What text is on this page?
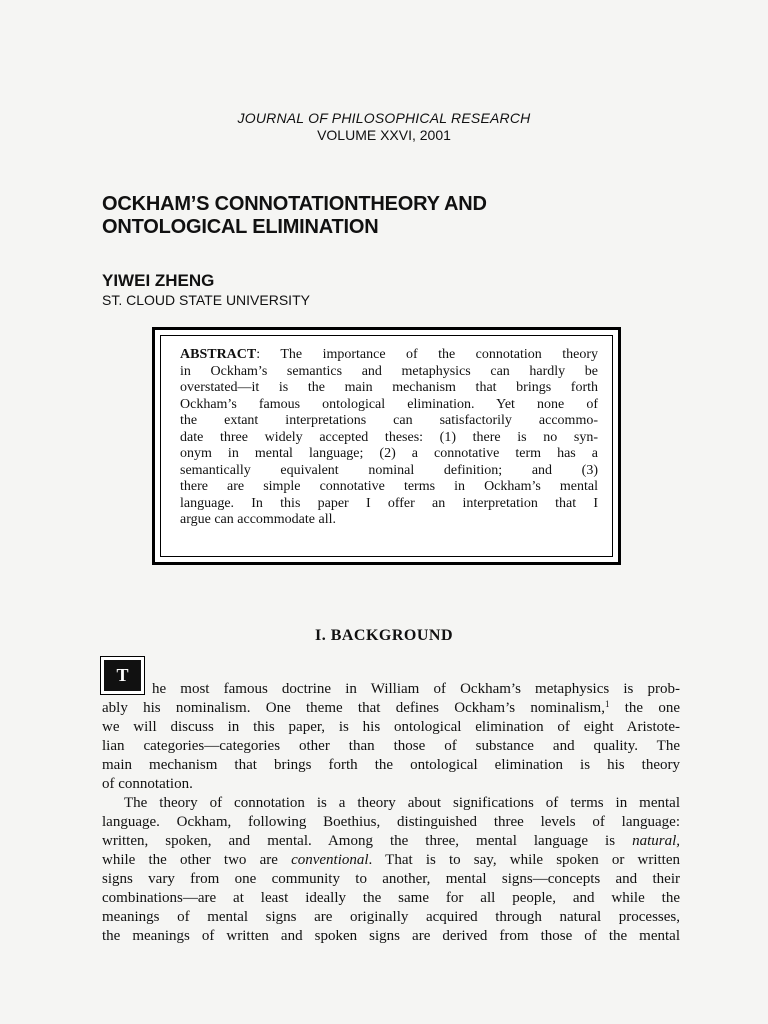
JOURNAL OF PHILOSOPHICAL RESEARCH
VOLUME XXVI, 2001
OCKHAM’S CONNOTATIONTHEORY AND
ONTOLOGICAL ELIMINATION
YIWEI ZHENG
ST. CLOUD STATE UNIVERSITY
ABSTRACT: The importance of the connotation theory
in Ockham’s semantics and metaphysics can hardly be
overstated—it is the main mechanism that brings forth
Ockham’s famous ontological elimination. Yet none of
the extant interpretations can satisfactorily accommo-
date three widely accepted theses: (1) there is no syn-
onym in mental language; (2) a connotative term has a
semantically equivalent nominal definition; and (3)
there are simple connotative terms in Ockham’s mental
language. In this paper I offer an interpretation that I
argue can accommodate all.
I. BACKGROUND
T
he most famous doctrine in William of Ockham’s metaphysics is prob-
ably his nominalism. One theme that defines Ockham’s nominalism,$^1$ the one
we will discuss in this paper, is his ontological elimination of eight Aristote-
lian categories—categories other than those of substance and quality. The
main mechanism that brings forth the ontological elimination is his theory
of connotation.
The theory of connotation is a theory about significations of terms in mental
language. Ockham, following Boethius, distinguished three levels of language:
written, spoken, and mental. Among the three, mental language is natural,
while the other two are conventional. That is to say, while spoken or written
signs vary from one community to another, mental signs—concepts and their
combinations—are at least ideally the same for all people, and while the
meanings of mental signs are originally acquired through natural processes,
the meanings of written and spoken signs are derived from those of the mental
